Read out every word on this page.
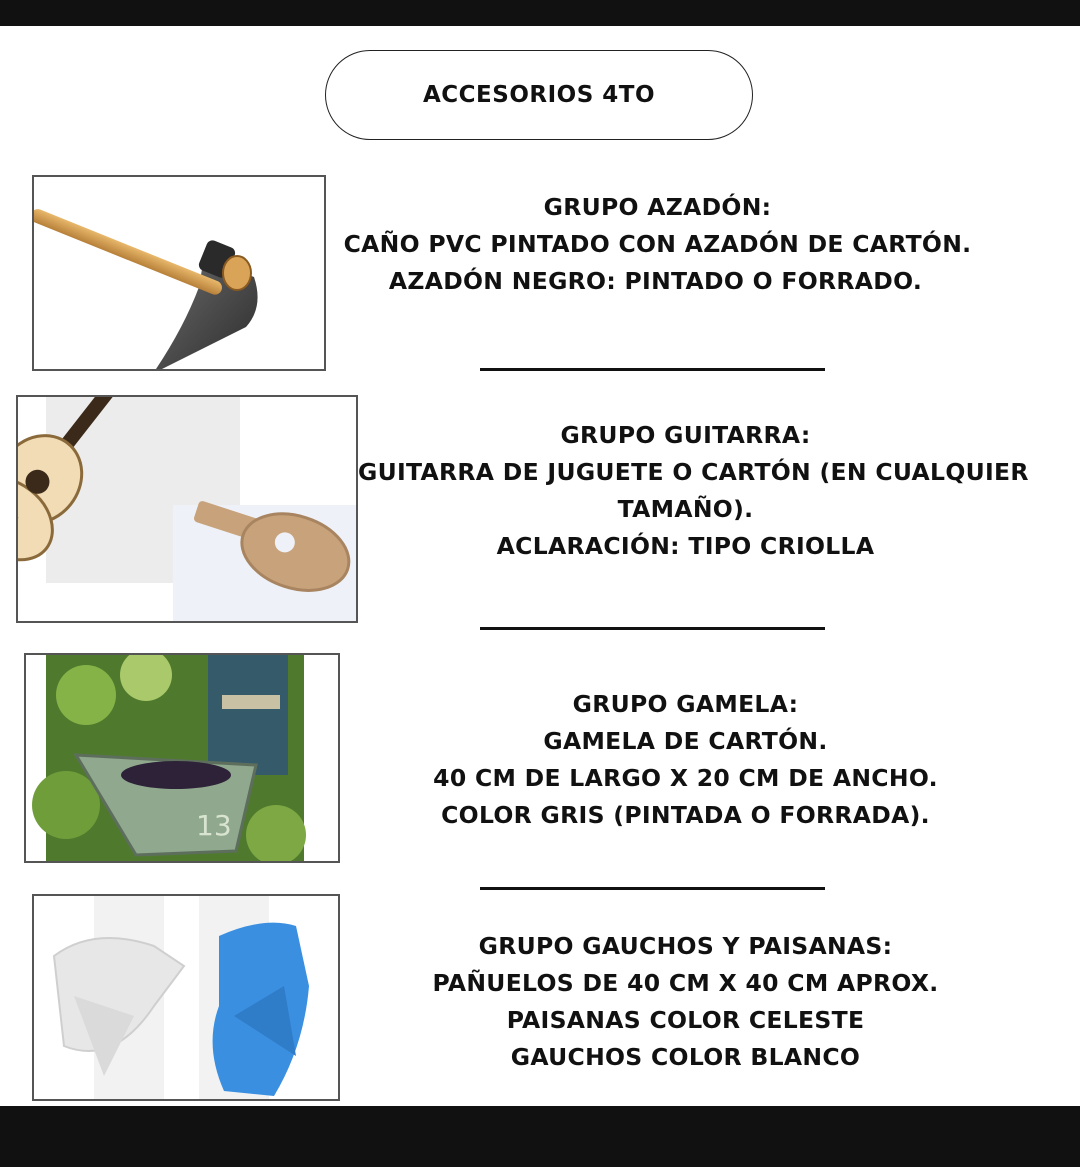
ACCESORIOS 4TO
GRUPO AZADÓN:
CAÑO PVC PINTADO CON AZADÓN DE CARTÓN.
AZADÓN NEGRO: PINTADO O FORRADO.
GRUPO GUITARRA:
GUITARRA DE JUGUETE O CARTÓN (EN CUALQUIER
TAMAÑO).
ACLARACIÓN: TIPO CRIOLLA
13
GRUPO GAMELA:
GAMELA DE CARTÓN.
40 CM DE LARGO X 20 CM DE ANCHO.
COLOR GRIS (PINTADA O FORRADA).
GRUPO GAUCHOS Y PAISANAS:
PAÑUELOS DE 40 CM X 40 CM APROX.
PAISANAS COLOR CELESTE
GAUCHOS COLOR BLANCO
